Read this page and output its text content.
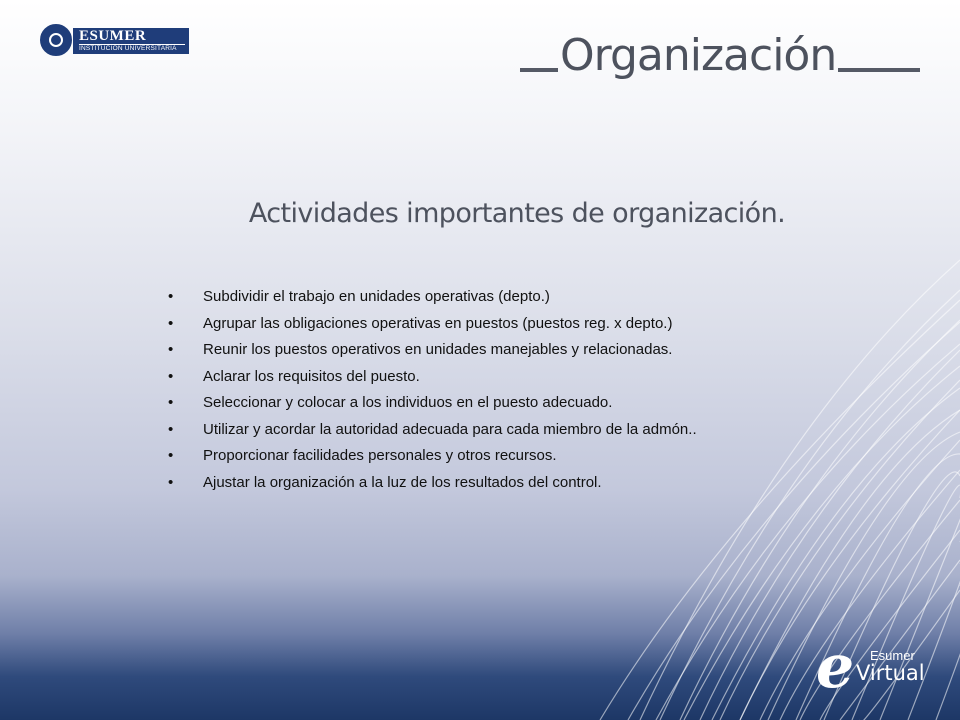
ESUMER
INSTITUCIÓN UNIVERSITARIA	Organización
Actividades importantes de organización.
• Subdividir el trabajo en unidades operativas (depto.)
• Agrupar las obligaciones operativas en puestos (puestos reg. x depto.)
• Reunir los puestos operativos en unidades manejables y relacionadas.
• Aclarar los requisitos del puesto.
• Seleccionar y colocar a los individuos en el puesto adecuado.
• Utilizar y acordar la autoridad adecuada para cada miembro de la admón..
• Proporcionar facilidades personales y otros recursos.
• Ajustar la organización a la luz de los resultados del control.
e Esumer
Virtual
